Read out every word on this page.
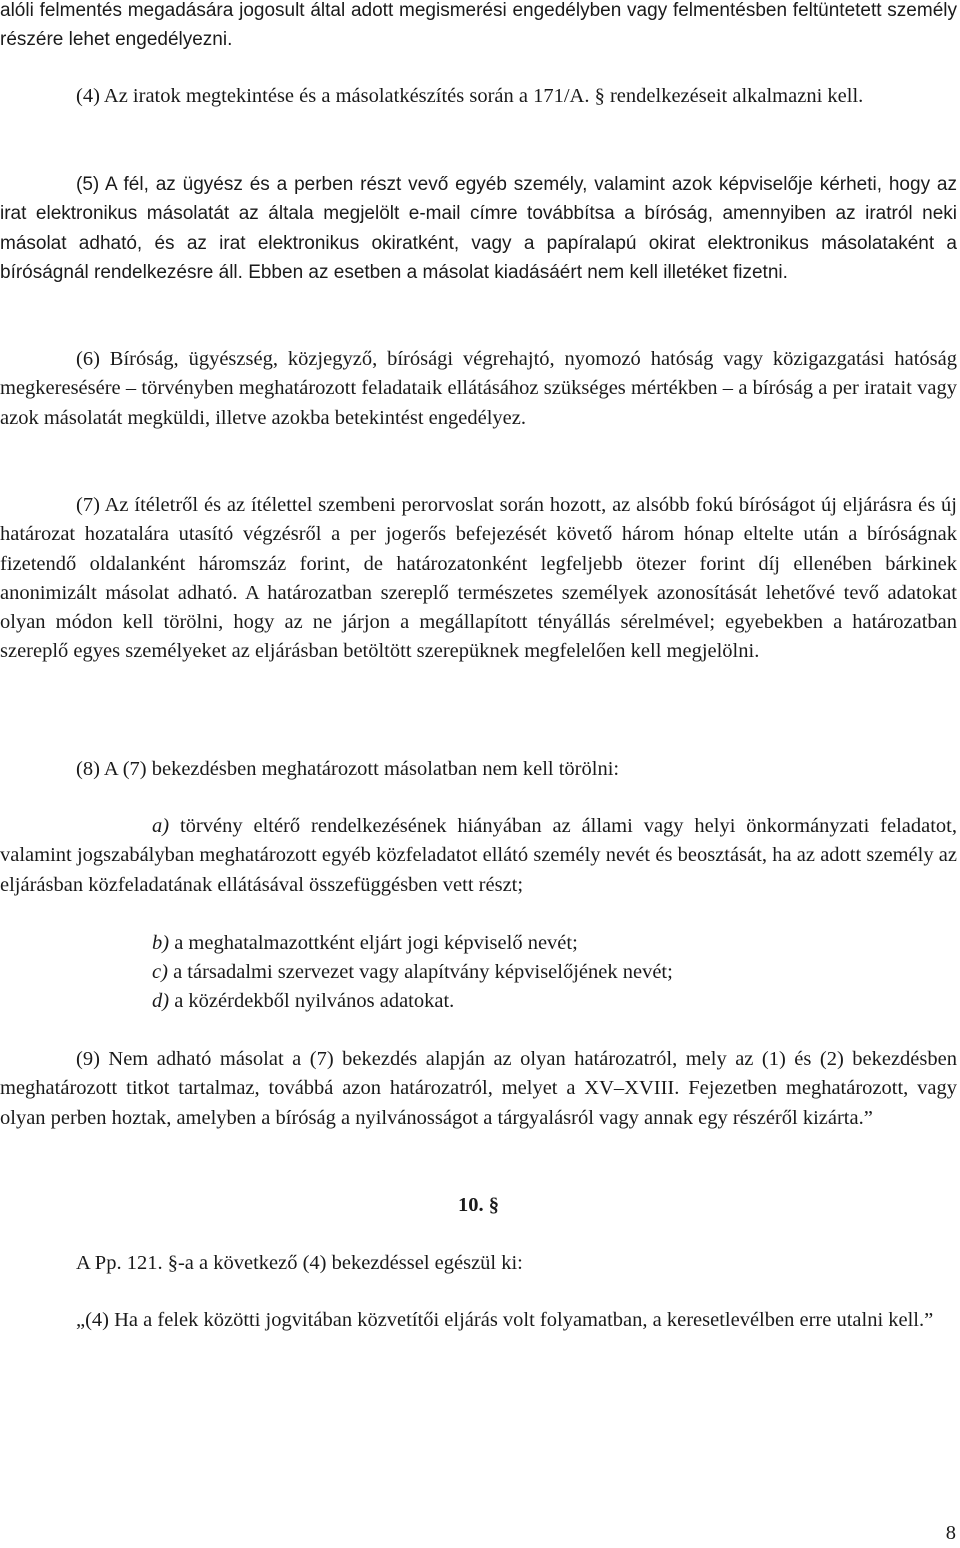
alóli felmentés megadására jogosult által adott megismerési engedélyben vagy felmentésben feltüntetett személy részére lehet engedélyezni.

(4) Az iratok megtekintése és a másolatkészítés során a 171/A. § rendelkezéseit alkalmazni kell.

(5) A fél, az ügyész és a perben részt vevő egyéb személy, valamint azok képviselője kérheti, hogy az irat elektronikus másolatát az általa megjelölt e-mail címre továbbítsa a bíróság, amennyiben az iratról neki másolat adható, és az irat elektronikus okiratként, vagy a papíralapú okirat elektronikus másolataként a bíróságnál rendelkezésre áll. Ebben az esetben a másolat kiadásáért nem kell illetéket fizetni.

(6) Bíróság, ügyészség, közjegyző, bírósági végrehajtó, nyomozó hatóság vagy közigazgatási hatóság megkeresésére – törvényben meghatározott feladataik ellátásához szükséges mértékben – a bíróság a per iratait vagy azok másolatát megküldi, illetve azokba betekintést engedélyez.

(7) Az ítéletről és az ítélettel szembeni perorvoslat során hozott, az alsóbb fokú bíróságot új eljárásra és új határozat hozatalára utasító végzésről a per jogerős befejezését követő három hónap eltelte után a bíróságnak fizetendő oldalanként háromszáz forint, de határozatonként legfeljebb ötezer forint díj ellenében bárkinek anonimizált másolat adható. A határozatban szereplő természetes személyek azonosítását lehetővé tevő adatokat olyan módon kell törölni, hogy az ne járjon a megállapított tényállás sérelmével; egyebekben a határozatban szereplő egyes személyeket az eljárásban betöltött szerepüknek megfelelően kell megjelölni.

(8) A (7) bekezdésben meghatározott másolatban nem kell törölni:

a) törvény eltérő rendelkezésének hiányában az állami vagy helyi önkormányzati feladatot, valamint jogszabályban meghatározott egyéb közfeladatot ellátó személy nevét és beosztását, ha az adott személy az eljárásban közfeladatának ellátásával összefüggésben vett részt;

b) a meghatalmazottként eljárt jogi képviselő nevét;

c) a társadalmi szervezet vagy alapítvány képviselőjének nevét;

d) a közérdekből nyilvános adatokat.

(9) Nem adható másolat a (7) bekezdés alapján az olyan határozatról, mely az (1) és (2) bekezdésben meghatározott titkot tartalmaz, továbbá azon határozatról, melyet a XV–XVIII. Fejezetben meghatározott, vagy olyan perben hoztak, amelyben a bíróság a nyilvánosságot a tárgyalásról vagy annak egy részéről kizárta.”

10. §

A Pp. 121. §-a a következő (4) bekezdéssel egészül ki:

„(4) Ha a felek közötti jogvitában közvetítői eljárás volt folyamatban, a keresetlevélben erre utalni kell.”

8
